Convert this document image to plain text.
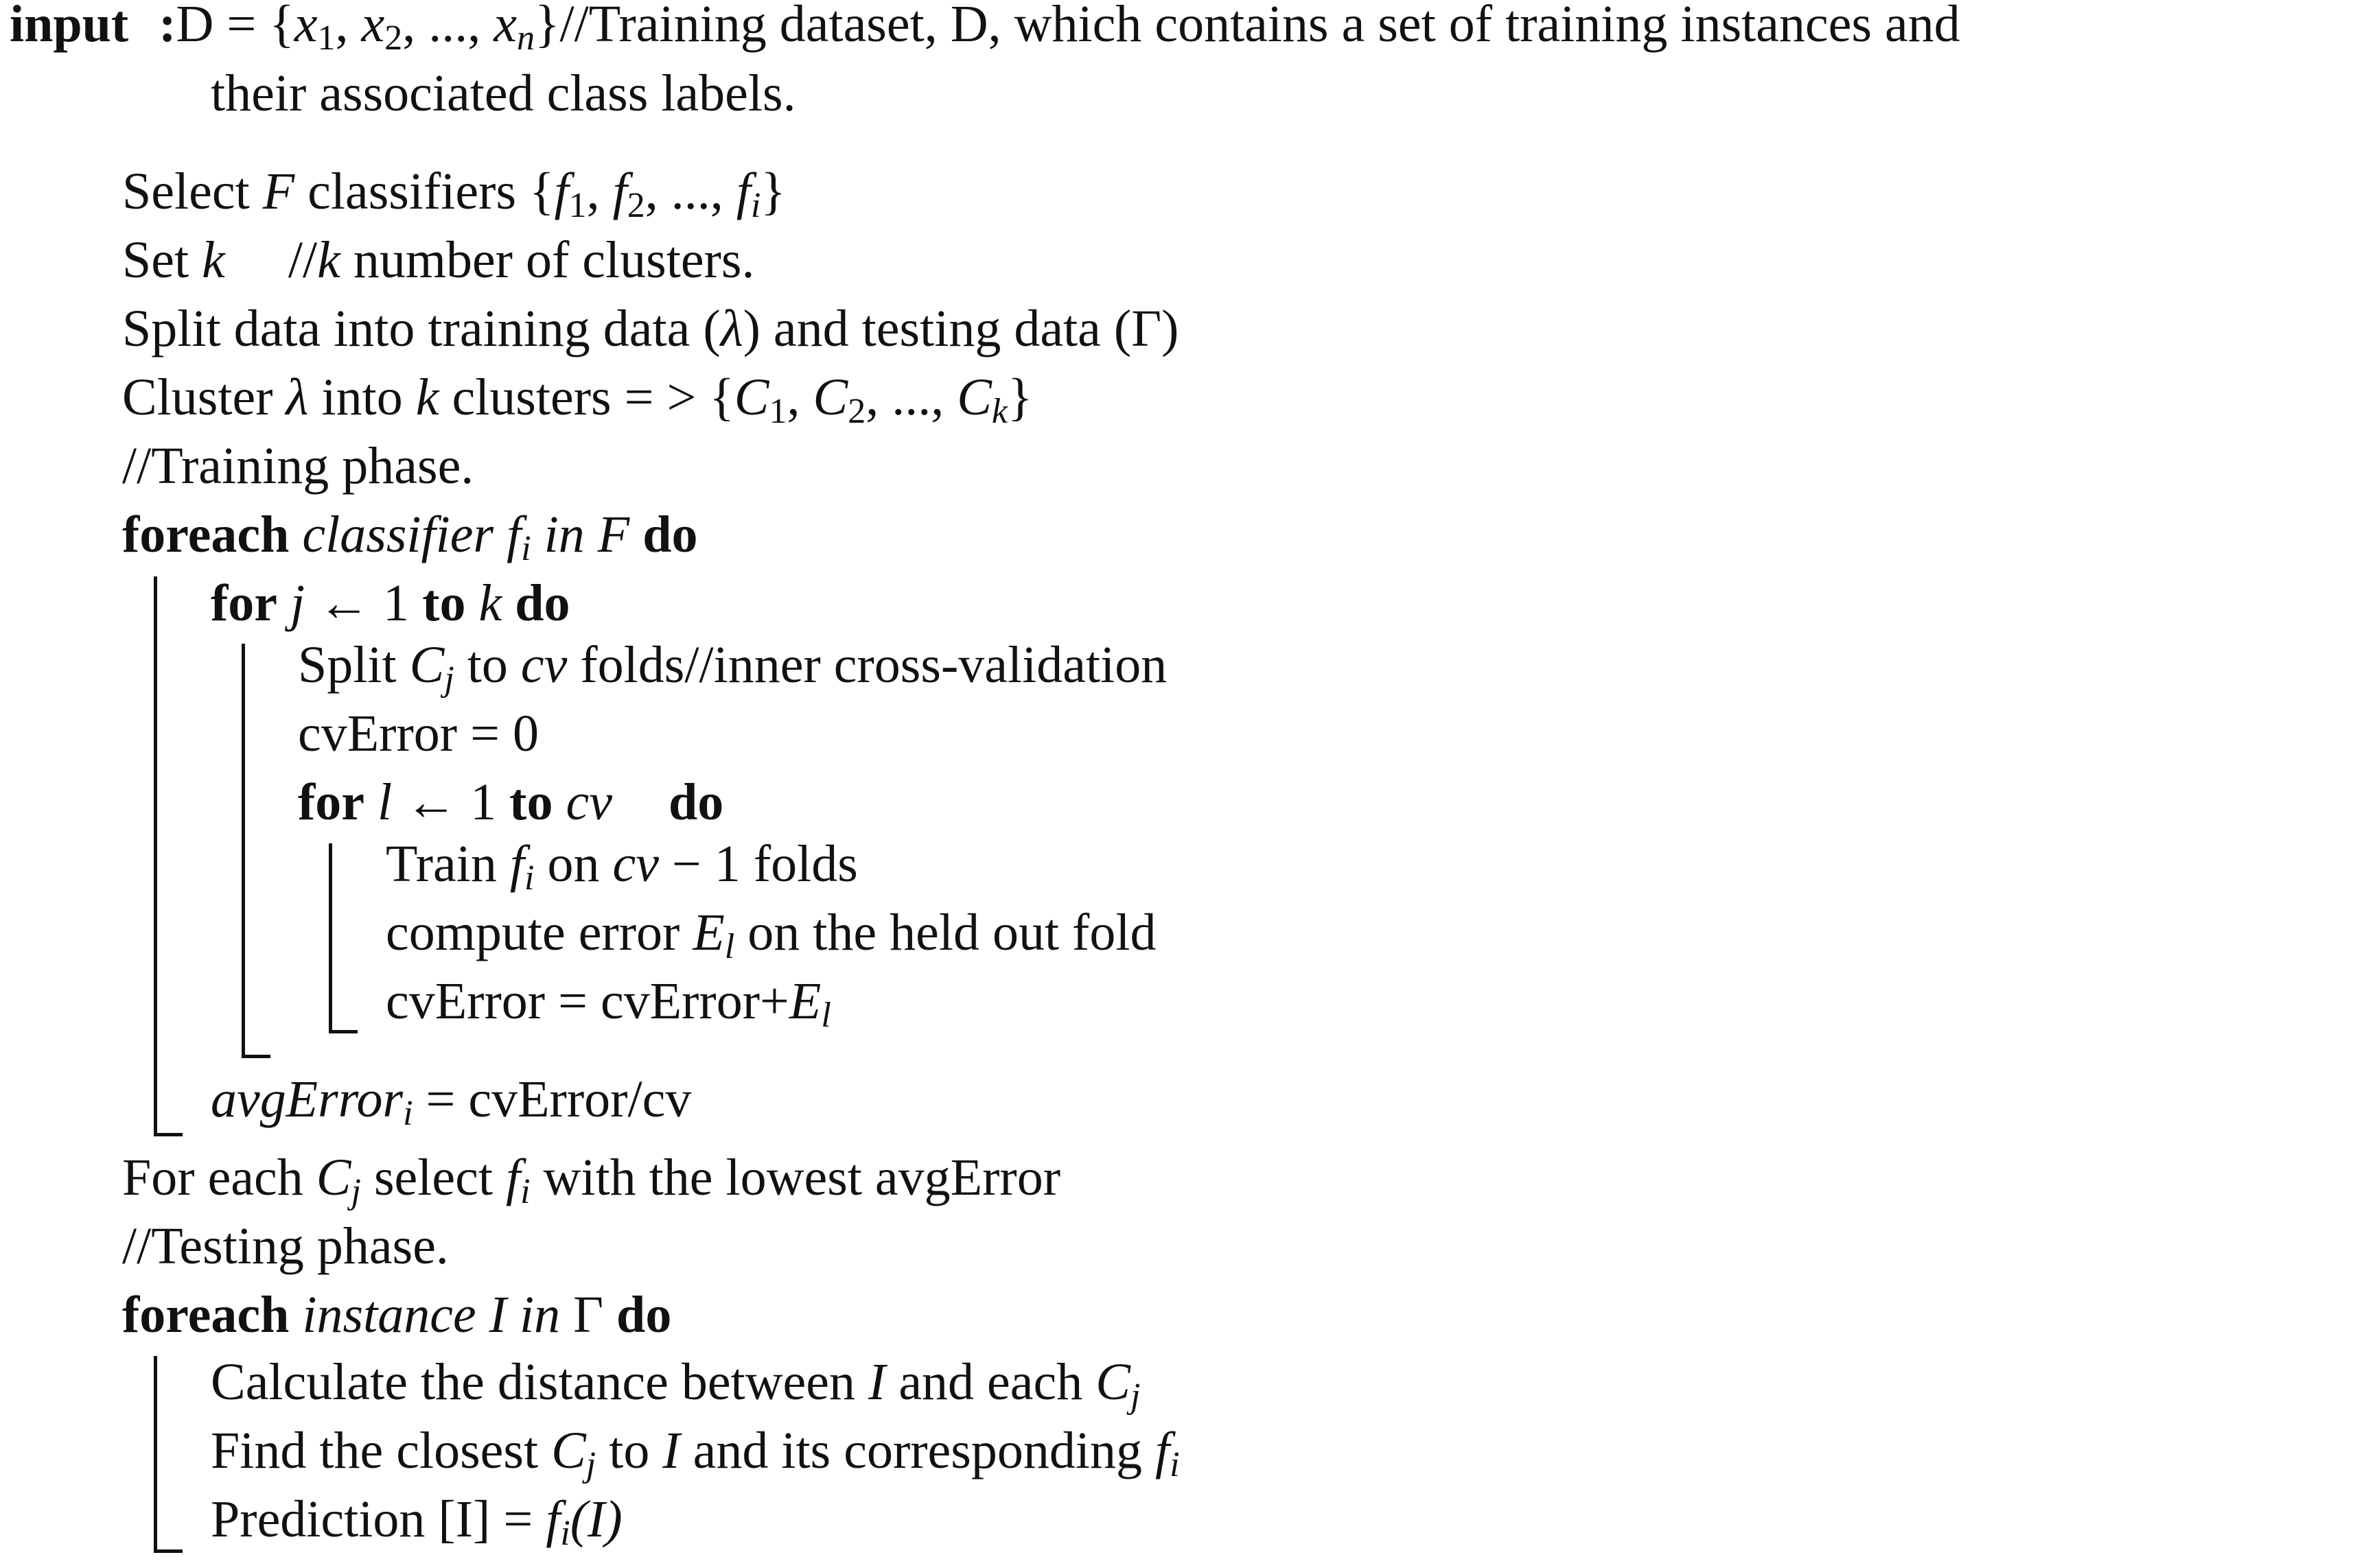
input :D = {x1, x2, ..., $x_n\}/$/Training dataset, D, which contains a set of training instances and
their associated class labels.
Select F classifiers {f1, f2, ..., $f_i$}
Set k //k number of clusters.
Split data into training data (λ) and testing data (Γ)
Cluster λ into k clusters = > {C1, C2, ..., $C_k$}
//Training phase.
foreach classifier $f_i$ in F do
for j ← 1 to k do
Split $C_j$ to cv folds//inner cross-validation
cvError = 0
for l ← 1 to cv do
Train $f_i$ on cv − 1 folds
compute error $E_l$ on the held out fold
cvError = $cvError+E_l$
avgError$_i$ = cvError/cv
For each $C_j$ select $f_i$ with the lowest avgError
//Testing phase.
foreach instance I in Γ do
Calculate the distance between I and each $C_j$
Find the closest $C_j$ to I and its corresponding $f_i$
Prediction $[I] = f_i(I)$
